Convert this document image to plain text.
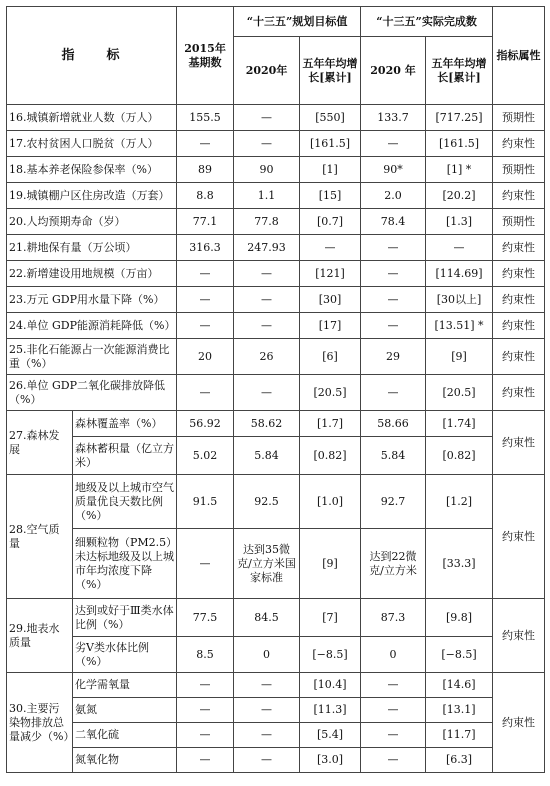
指　　标		2015年基期数	“十三五”规划目标值		“十三五”实际完成数		指标属性
			2020年	五年年均增长[累计]	2020 年	五年年均增长[累计]	
16.城镇新增就业人数（万人）		155.5	—	[550]	133.7	[717.25]	预期性
17.农村贫困人口脱贫（万人）		—	—	[161.5]	—	[161.5]	约束性
18.基本养老保险参保率（%）		89	90	[1]	90*	[1] *	预期性
19.城镇棚户区住房改造（万套）		8.8	1.1	[15]	2.0	[20.2]	约束性
20.人均预期寿命（岁）		77.1	77.8	[0.7]	78.4	[1.3]	预期性
21.耕地保有量（万公顷）		316.3	247.93	—	—	—	约束性
22.新增建设用地规模（万亩）		—	—	[121]	—	[114.69]	约束性
23.万元 GDP用水量下降（%）		—	—	[30]	—	[30以上]	约束性
24.单位 GDP能源消耗降低（%）		—	—	[17]	—	[13.51] *	约束性
25.非化石能源占一次能源消费比重（%）		20	26	[6]	29	[9]	约束性
26.单位 GDP二氧化碳排放降低（%）		—	—	[20.5]	—	[20.5]	约束性
27.森林发展	森林覆盖率（%）	56.92	58.62	[1.7]	58.66	[1.74]	约束性
	森林蓄积量（亿立方米）	5.02	5.84	[0.82]	5.84	[0.82]	
28.空气质量	地级及以上城市空气质量优良天数比例（%）	91.5	92.5	[1.0]	92.7	[1.2]	约束性
	细颗粒物（PM2.5）未达标地级及以上城市年均浓度下降（%）	—	达到35微克/立方米国家标准	[9]	达到22微克/立方米	[33.3]	
29.地表水质量	达到或好于Ⅲ类水体比例（%）	77.5	84.5	[7]	87.3	[9.8]	约束性
	劣Ⅴ类水体比例（%）	8.5	0	[−8.5]	0	[−8.5]	
30.主要污染物排放总量减少（%）	化学需氧量	—	—	[10.4]	—	[14.6]	约束性
	氨氮	—	—	[11.3]	—	[13.1]	
	二氧化硫	—	—	[5.4]	—	[11.7]	
	氮氧化物	—	—	[3.0]	—	[6.3]	
